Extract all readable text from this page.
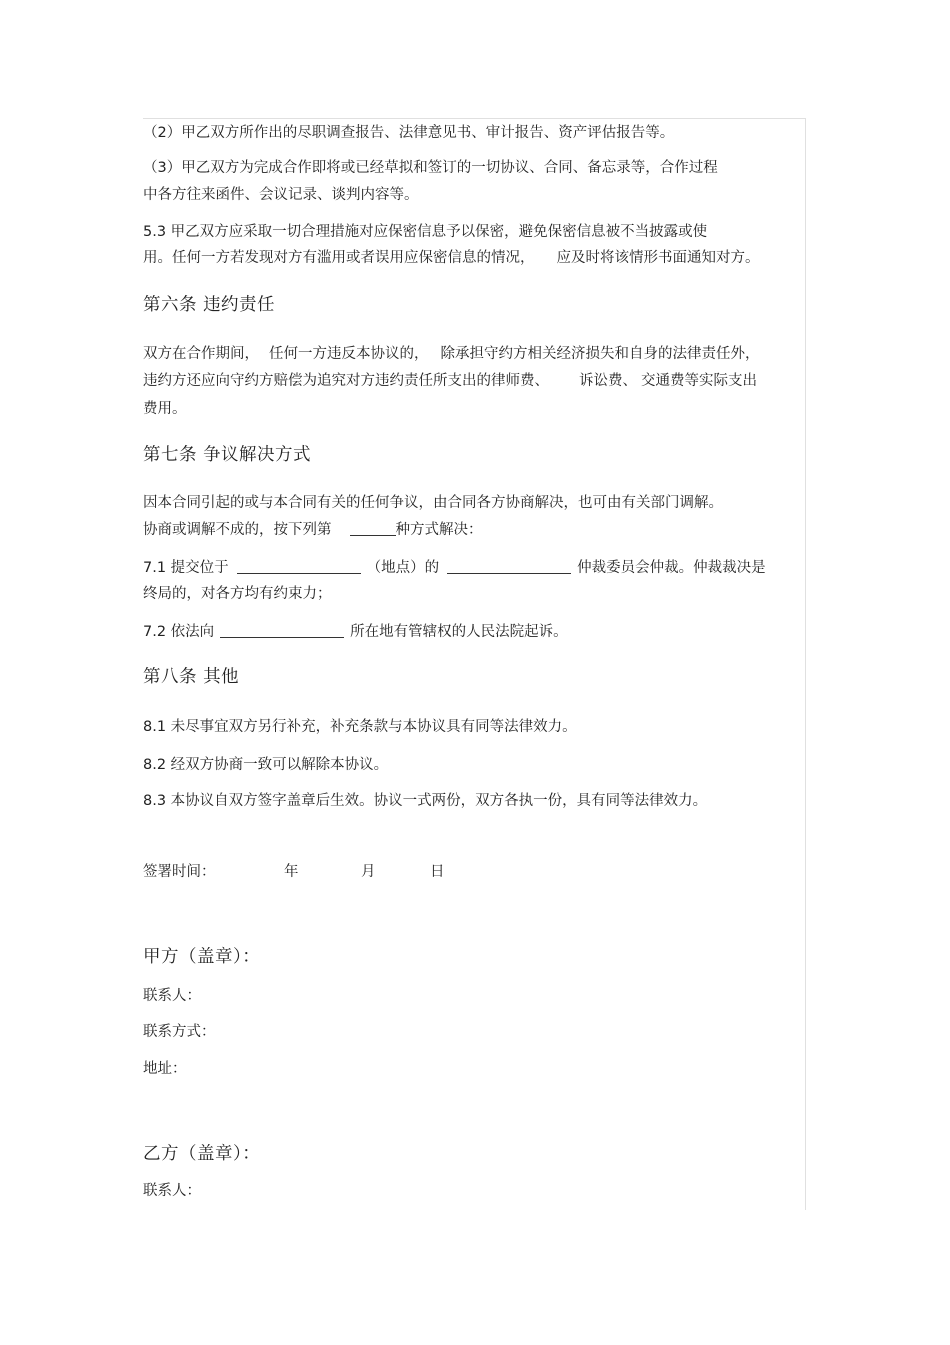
（2）甲乙双方所作出的尽职调查报告、法律意见书、审计报告、资产评估报告等。
（3）甲乙双方为完成合作即将或已经草拟和签订的一切协议、合同、备忘录等，合作过程
中各方往来函件、会议记录、谈判内容等。
5.3 甲乙双方应采取一切合理措施对应保密信息予以保密，避免保密信息被不当披露或使
用。任何一方若发现对方有滥用或者误用应保密信息的情况， 应及时将该情形书面通知对方。
第六条 违约责任
双方在合作期间， 任何一方违反本协议的， 除承担守约方相关经济损失和自身的法律责任外，
违约方还应向守约方赔偿为追究对方违约责任所支出的律师费、 诉讼费、 交通费等实际支出
费用。
第七条 争议解决方式
因本合同引起的或与本合同有关的任何争议，由合同各方协商解决，也可由有关部门调解。
协商或调解不成的，按下列第	种方式解决：
7.1 提交位于	（地点）的	仲裁委员会仲裁。仲裁裁决是
终局的，对各方均有约束力；
7.2 依法向	所在地有管辖权的人民法院起诉。
第八条 其他
8.1 未尽事宜双方另行补充，补充条款与本协议具有同等法律效力。
8.2 经双方协商一致可以解除本协议。
8.3 本协议自双方签字盖章后生效。协议一式两份，双方各执一份，具有同等法律效力。
签署时间：	年	月	日
甲方（盖章）：
联系人：
联系方式：
地址：
乙方（盖章）：
联系人：
